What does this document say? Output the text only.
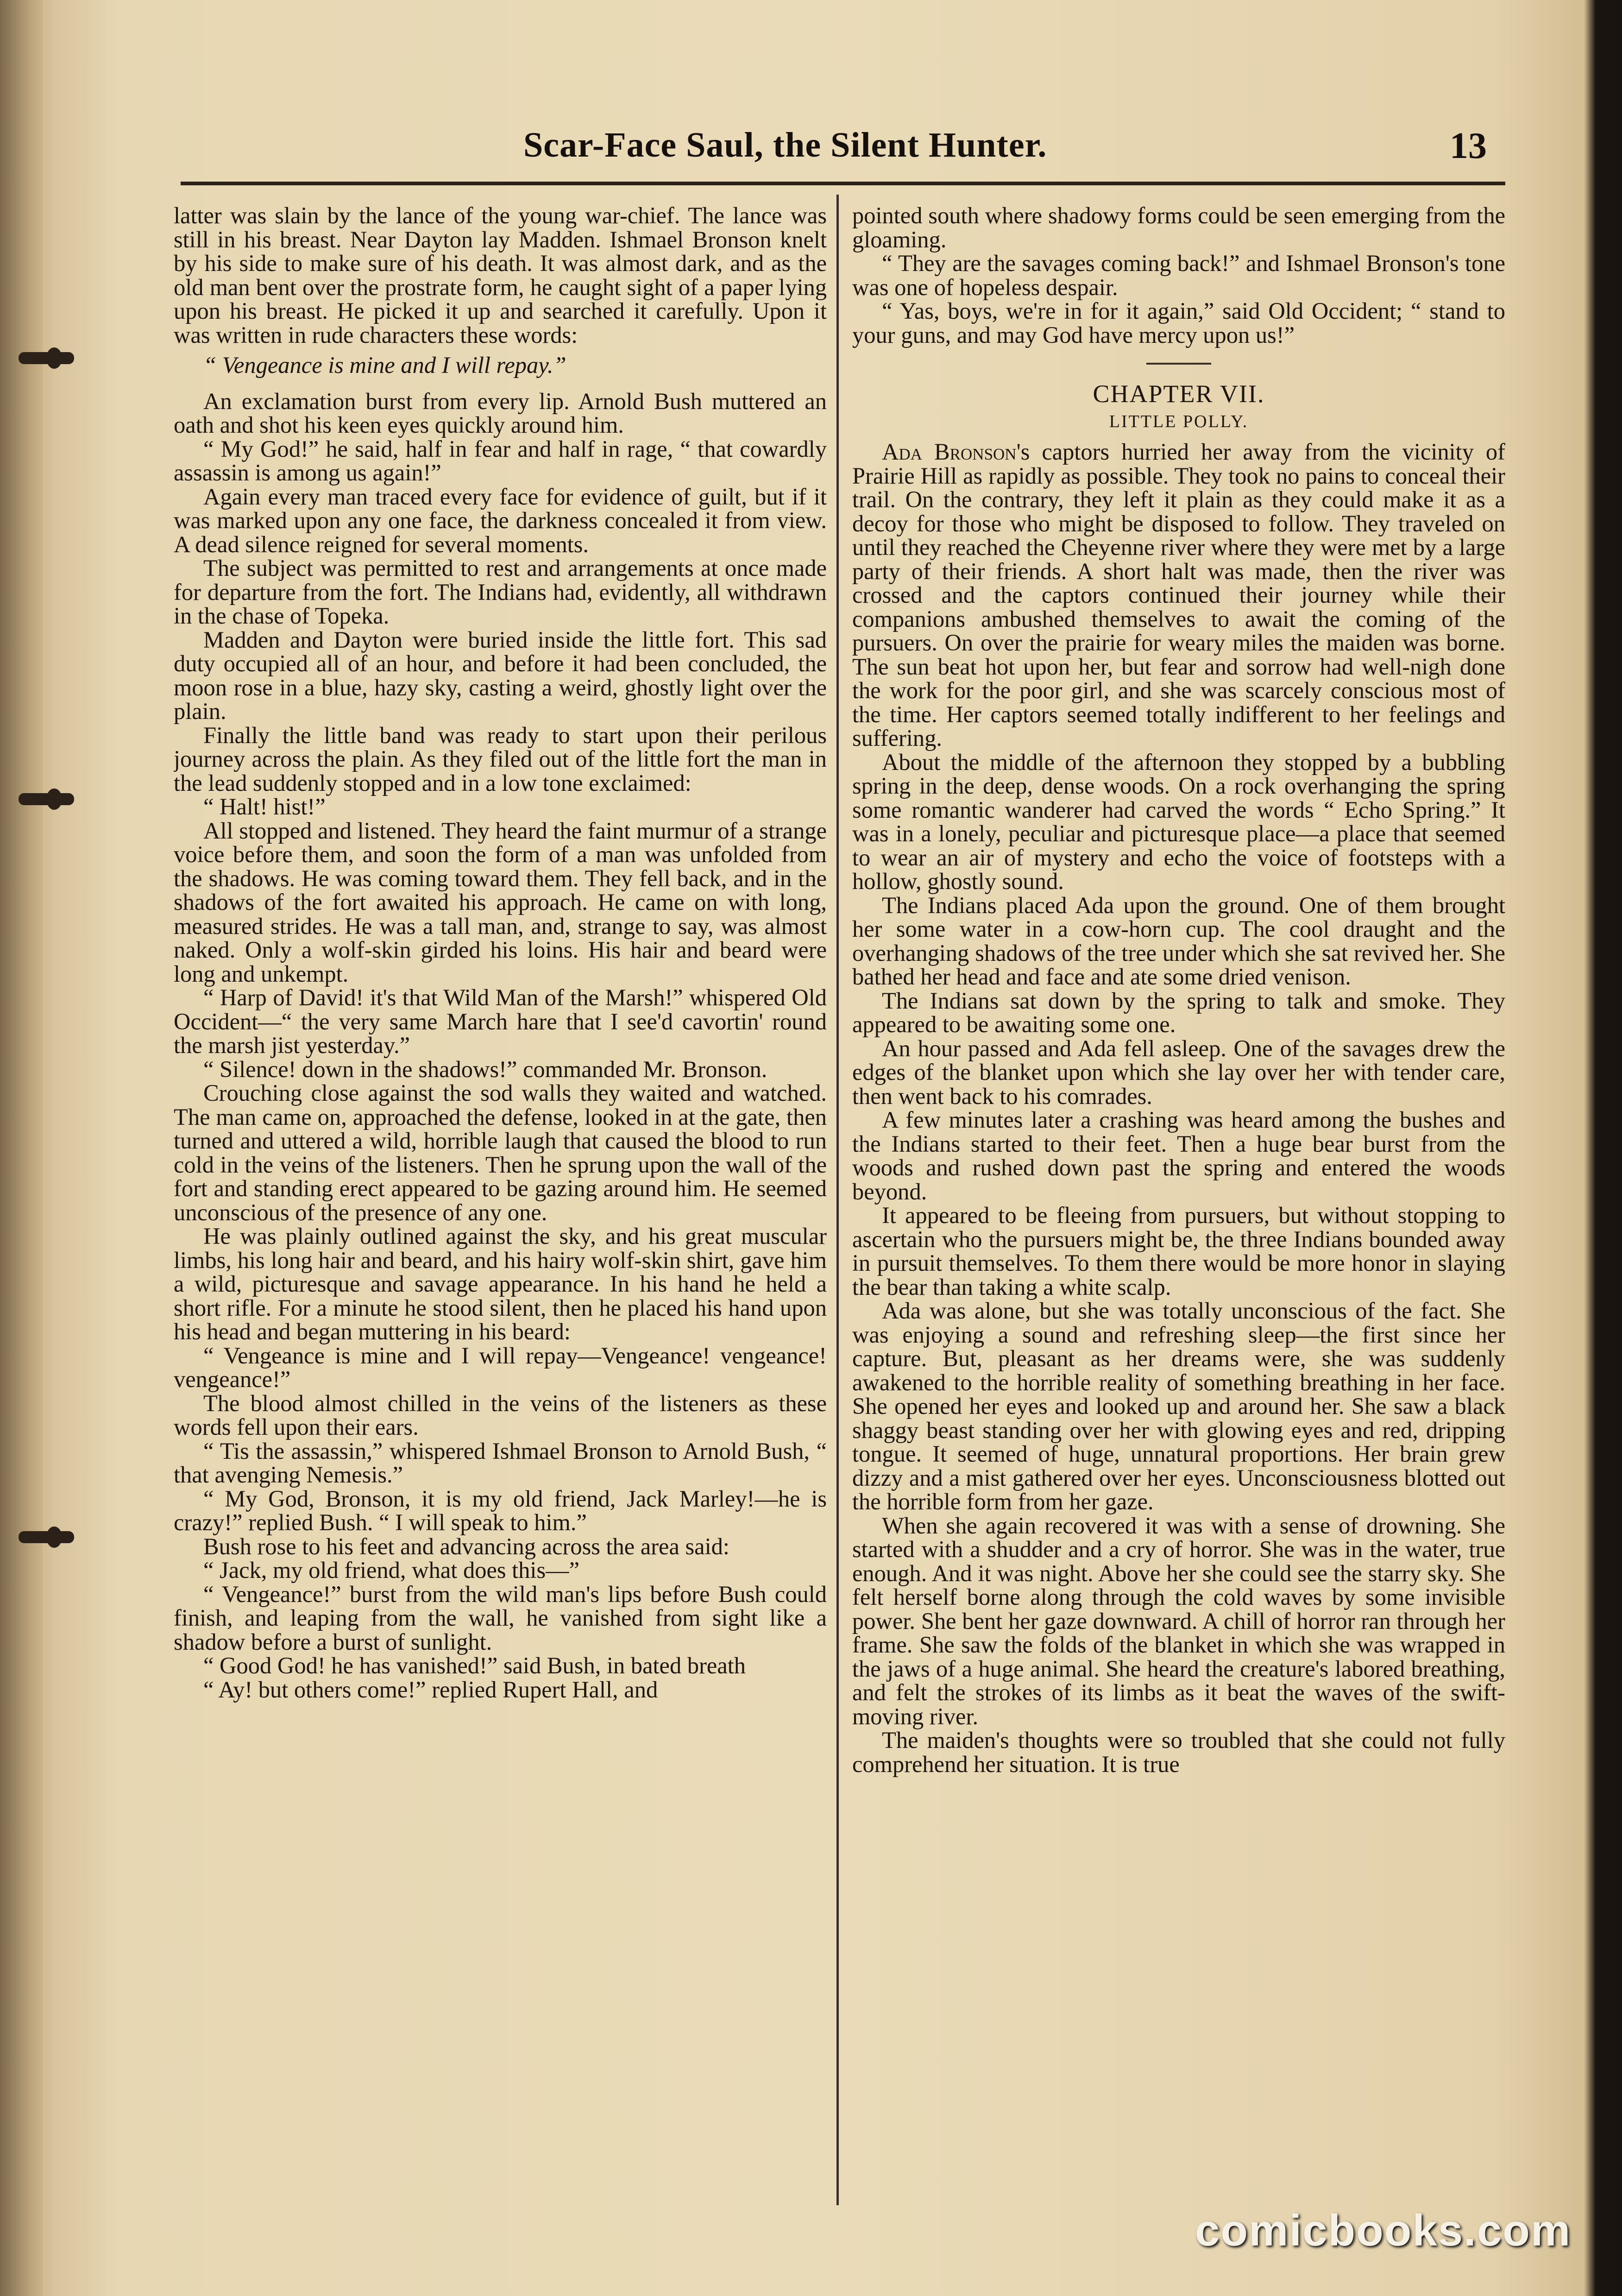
Scar-Face Saul, the Silent Hunter.	13

latter was slain by the lance of the young war-chief. The lance was still in his breast. Near Dayton lay Madden. Ishmael Bronson knelt by his side to make sure of his death. It was almost dark, and as the old man bent over the prostrate form, he caught sight of a paper lying upon his breast. He picked it up and searched it carefully. Upon it was written in rude characters these words:

“ Vengeance is mine and I will repay.”

An exclamation burst from every lip. Arnold Bush muttered an oath and shot his keen eyes quickly around him.

“ My God!” he said, half in fear and half in rage, “ that cowardly assassin is among us again!”

Again every man traced every face for evidence of guilt, but if it was marked upon any one face, the darkness concealed it from view. A dead silence reigned for several moments.

The subject was permitted to rest and arrangements at once made for departure from the fort. The Indians had, evidently, all withdrawn in the chase of Topeka.

Madden and Dayton were buried inside the little fort. This sad duty occupied all of an hour, and before it had been concluded, the moon rose in a blue, hazy sky, casting a weird, ghostly light over the plain.

Finally the little band was ready to start upon their perilous journey across the plain. As they filed out of the little fort the man in the lead suddenly stopped and in a low tone exclaimed:

“ Halt! hist!”

All stopped and listened. They heard the faint murmur of a strange voice before them, and soon the form of a man was unfolded from the shadows. He was coming toward them. They fell back, and in the shadows of the fort awaited his approach. He came on with long, measured strides. He was a tall man, and, strange to say, was almost naked. Only a wolf-skin girded his loins. His hair and beard were long and unkempt.

“ Harp of David! it's that Wild Man of the Marsh!” whispered Old Occident—“ the very same March hare that I see'd cavortin' round the marsh jist yesterday.”

“ Silence! down in the shadows!” commanded Mr. Bronson.

Crouching close against the sod walls they waited and watched. The man came on, approached the defense, looked in at the gate, then turned and uttered a wild, horrible laugh that caused the blood to run cold in the veins of the listeners. Then he sprung upon the wall of the fort and standing erect appeared to be gazing around him. He seemed unconscious of the presence of any one.

He was plainly outlined against the sky, and his great muscular limbs, his long hair and beard, and his hairy wolf-skin shirt, gave him a wild, picturesque and savage appearance. In his hand he held a short rifle. For a minute he stood silent, then he placed his hand upon his head and began muttering in his beard:

“ Vengeance is mine and I will repay—Vengeance! vengeance! vengeance!”

The blood almost chilled in the veins of the listeners as these words fell upon their ears.

“ Tis the assassin,” whispered Ishmael Bronson to Arnold Bush, “ that avenging Nemesis.”

“ My God, Bronson, it is my old friend, Jack Marley!—he is crazy!” replied Bush. “ I will speak to him.”

Bush rose to his feet and advancing across the area said:

“ Jack, my old friend, what does this—”

“ Vengeance!” burst from the wild man's lips before Bush could finish, and leaping from the wall, he vanished from sight like a shadow before a burst of sunlight.

“ Good God! he has vanished!” said Bush, in bated breath

“ Ay! but others come!” replied Rupert Hall, and

pointed south where shadowy forms could be seen emerging from the gloaming.

“ They are the savages coming back!” and Ishmael Bronson's tone was one of hopeless despair.

“ Yas, boys, we're in for it again,” said Old Occident; “ stand to your guns, and may God have mercy upon us!”

CHAPTER VII.
LITTLE POLLY.

Ada Bronson's captors hurried her away from the vicinity of Prairie Hill as rapidly as possible. They took no pains to conceal their trail. On the contrary, they left it plain as they could make it as a decoy for those who might be disposed to follow. They traveled on until they reached the Cheyenne river where they were met by a large party of their friends. A short halt was made, then the river was crossed and the captors continued their journey while their companions ambushed themselves to await the coming of the pursuers. On over the prairie for weary miles the maiden was borne. The sun beat hot upon her, but fear and sorrow had well-nigh done the work for the poor girl, and she was scarcely conscious most of the time. Her captors seemed totally indifferent to her feelings and suffering.

About the middle of the afternoon they stopped by a bubbling spring in the deep, dense woods. On a rock overhanging the spring some romantic wanderer had carved the words “ Echo Spring.” It was in a lonely, peculiar and picturesque place—a place that seemed to wear an air of mystery and echo the voice of footsteps with a hollow, ghostly sound.

The Indians placed Ada upon the ground. One of them brought her some water in a cow-horn cup. The cool draught and the overhanging shadows of the tree under which she sat revived her. She bathed her head and face and ate some dried venison.

The Indians sat down by the spring to talk and smoke. They appeared to be awaiting some one.

An hour passed and Ada fell asleep. One of the savages drew the edges of the blanket upon which she lay over her with tender care, then went back to his comrades.

A few minutes later a crashing was heard among the bushes and the Indians started to their feet. Then a huge bear burst from the woods and rushed down past the spring and entered the woods beyond.

It appeared to be fleeing from pursuers, but without stopping to ascertain who the pursuers might be, the three Indians bounded away in pursuit themselves. To them there would be more honor in slaying the bear than taking a white scalp.

Ada was alone, but she was totally unconscious of the fact. She was enjoying a sound and refreshing sleep—the first since her capture. But, pleasant as her dreams were, she was suddenly awakened to the horrible reality of something breathing in her face. She opened her eyes and looked up and around her. She saw a black shaggy beast standing over her with glowing eyes and red, dripping tongue. It seemed of huge, unnatural proportions. Her brain grew dizzy and a mist gathered over her eyes. Unconsciousness blotted out the horrible form from her gaze.

When she again recovered it was with a sense of drowning. She started with a shudder and a cry of horror. She was in the water, true enough. And it was night. Above her she could see the starry sky. She felt herself borne along through the cold waves by some invisible power. She bent her gaze downward. A chill of horror ran through her frame. She saw the folds of the blanket in which she was wrapped in the jaws of a huge animal. She heard the creature's labored breathing, and felt the strokes of its limbs as it beat the waves of the swift-moving river.

The maiden's thoughts were so troubled that she could not fully comprehend her situation. It is true

comicbooks.com
